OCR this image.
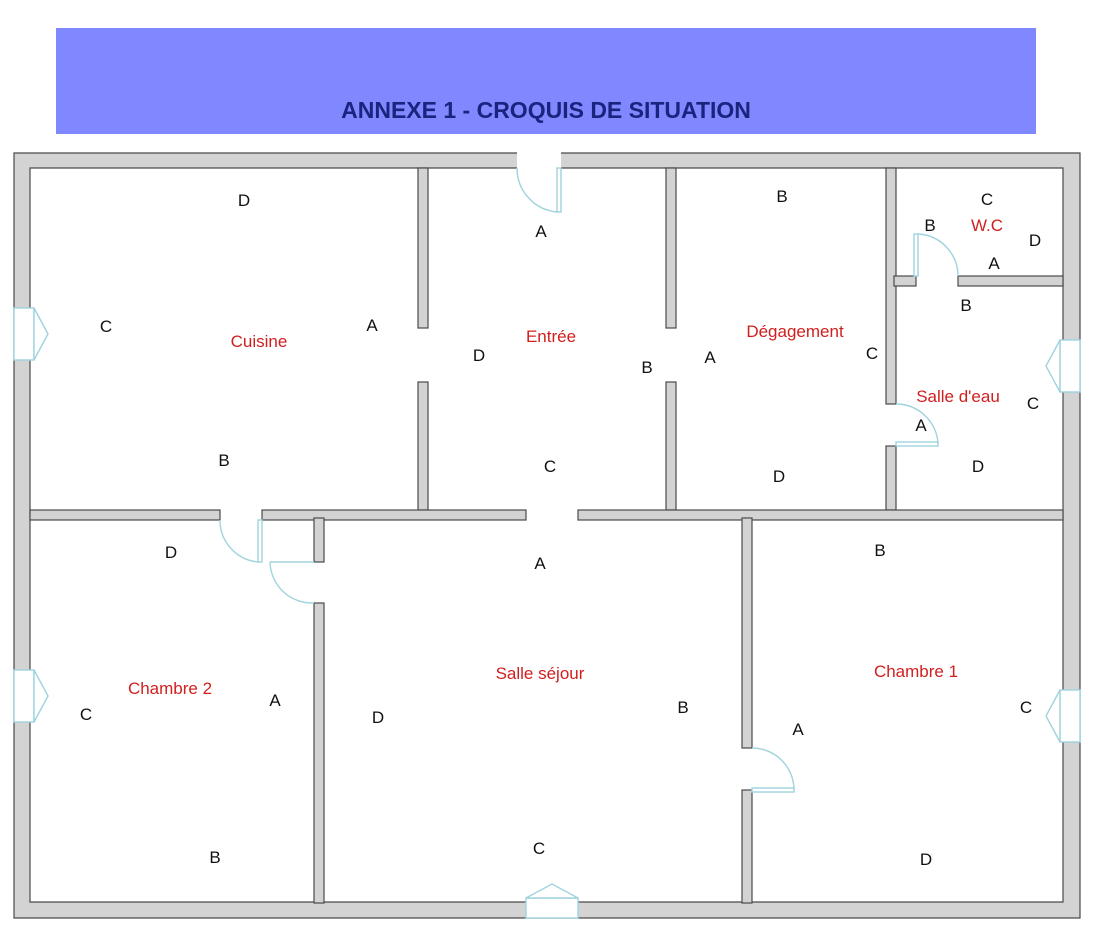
ANNEXE 1 - CROQUIS DE SITUATION
Cuisine	Entrée	Dégagement
W.C
Salle d'eau
Chambre 2
Salle séjour	Chambre 1
D
A
B
C
A
B
C
D
B
C
D
A
C
D
A
B
B
C
D
A
D
A
B
C
A
B
C
D
B
C
D
A
